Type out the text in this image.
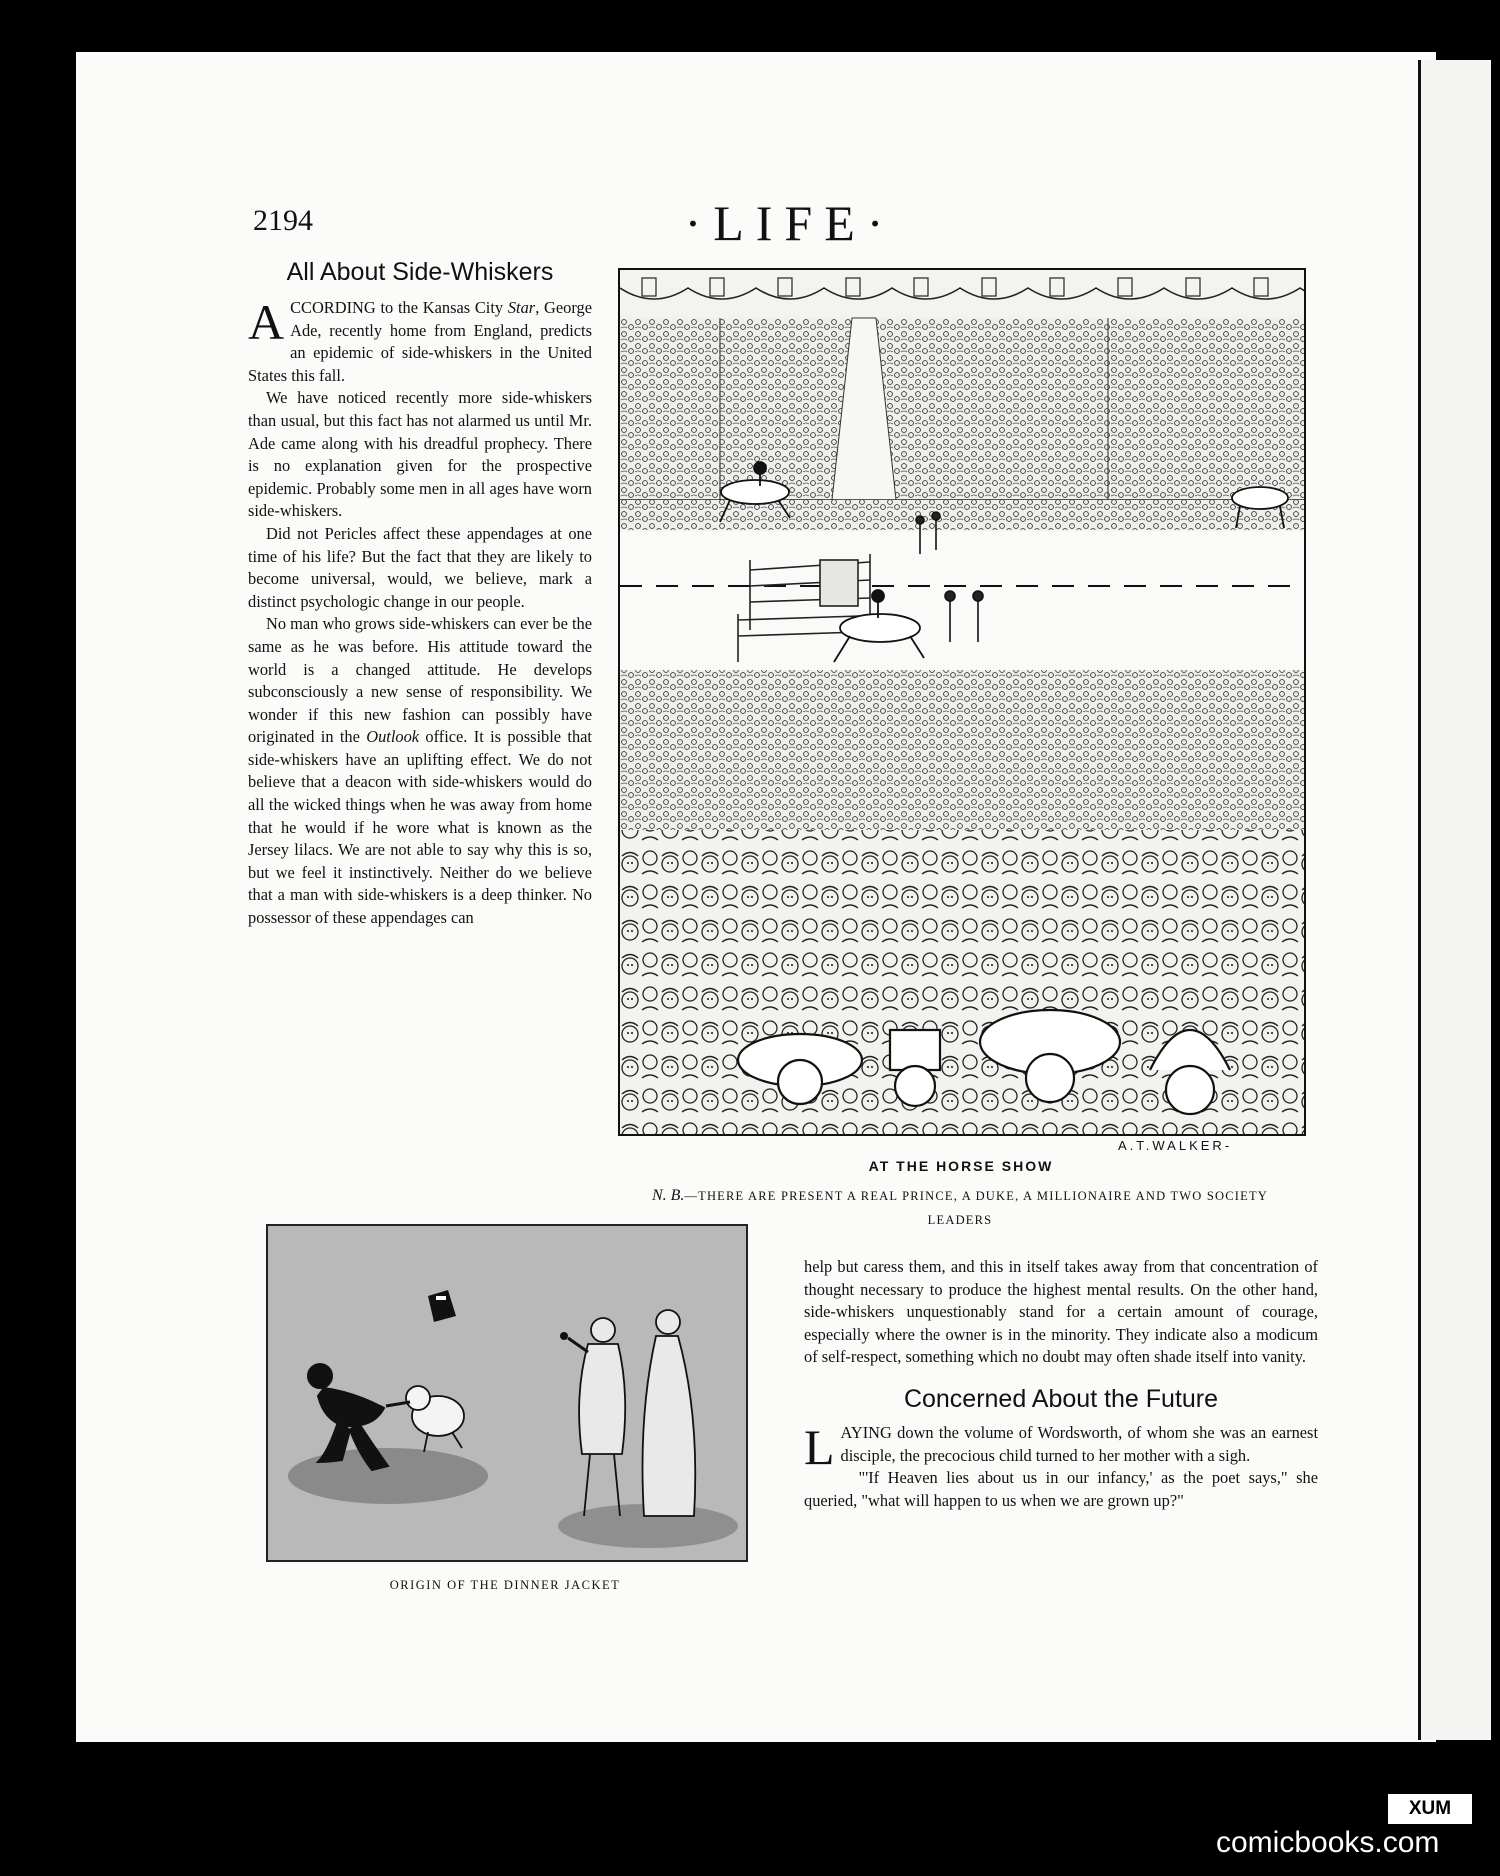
2194	·LIFE·
All About Side-Whiskers

ACCORDING to the Kansas City Star, George Ade, recently home from England, predicts an epidemic of side-whiskers in the United States this fall.

We have noticed recently more side-whiskers than usual, but this fact has not alarmed us until Mr. Ade came along with his dreadful prophecy. There is no explanation given for the prospective epidemic. Probably some men in all ages have worn side-whiskers.

Did not Pericles affect these appendages at one time of his life? But the fact that they are likely to become universal, would, we believe, mark a distinct psychologic change in our people.

No man who grows side-whiskers can ever be the same as he was before. His attitude toward the world is a changed attitude. He develops subconsciously a new sense of responsibility. We wonder if this new fashion can possibly have originated in the Outlook office. It is possible that side-whiskers have an uplifting effect. We do not believe that a deacon with side-whiskers would do all the wicked things when he was away from home that he would if he wore what is known as the Jersey lilacs. We are not able to say why this is so, but we feel it instinctively. Neither do we believe that a man with side-whiskers is a deep thinker. No possessor of these appendages can

A.T.WALKER-
AT THE HORSE SHOW
N. B.—THERE ARE PRESENT A REAL PRINCE, A DUKE, A MILLIONAIRE AND TWO SOCIETY LEADERS
ORIGIN OF THE DINNER JACKET

help but caress them, and this in itself takes away from that concentration of thought necessary to produce the highest mental results. On the other hand, side-whiskers unquestionably stand for a certain amount of courage, especially where the owner is in the minority. They indicate also a modicum of self-respect, something which no doubt may often shade itself into vanity.

Concerned About the Future

LAYING down the volume of Wordsworth, of whom she was an earnest disciple, the precocious child turned to her mother with a sigh.

"'If Heaven lies about us in our infancy,' as the poet says," she queried, "what will happen to us when we are grown up?"

XUM
comicbooks.com
